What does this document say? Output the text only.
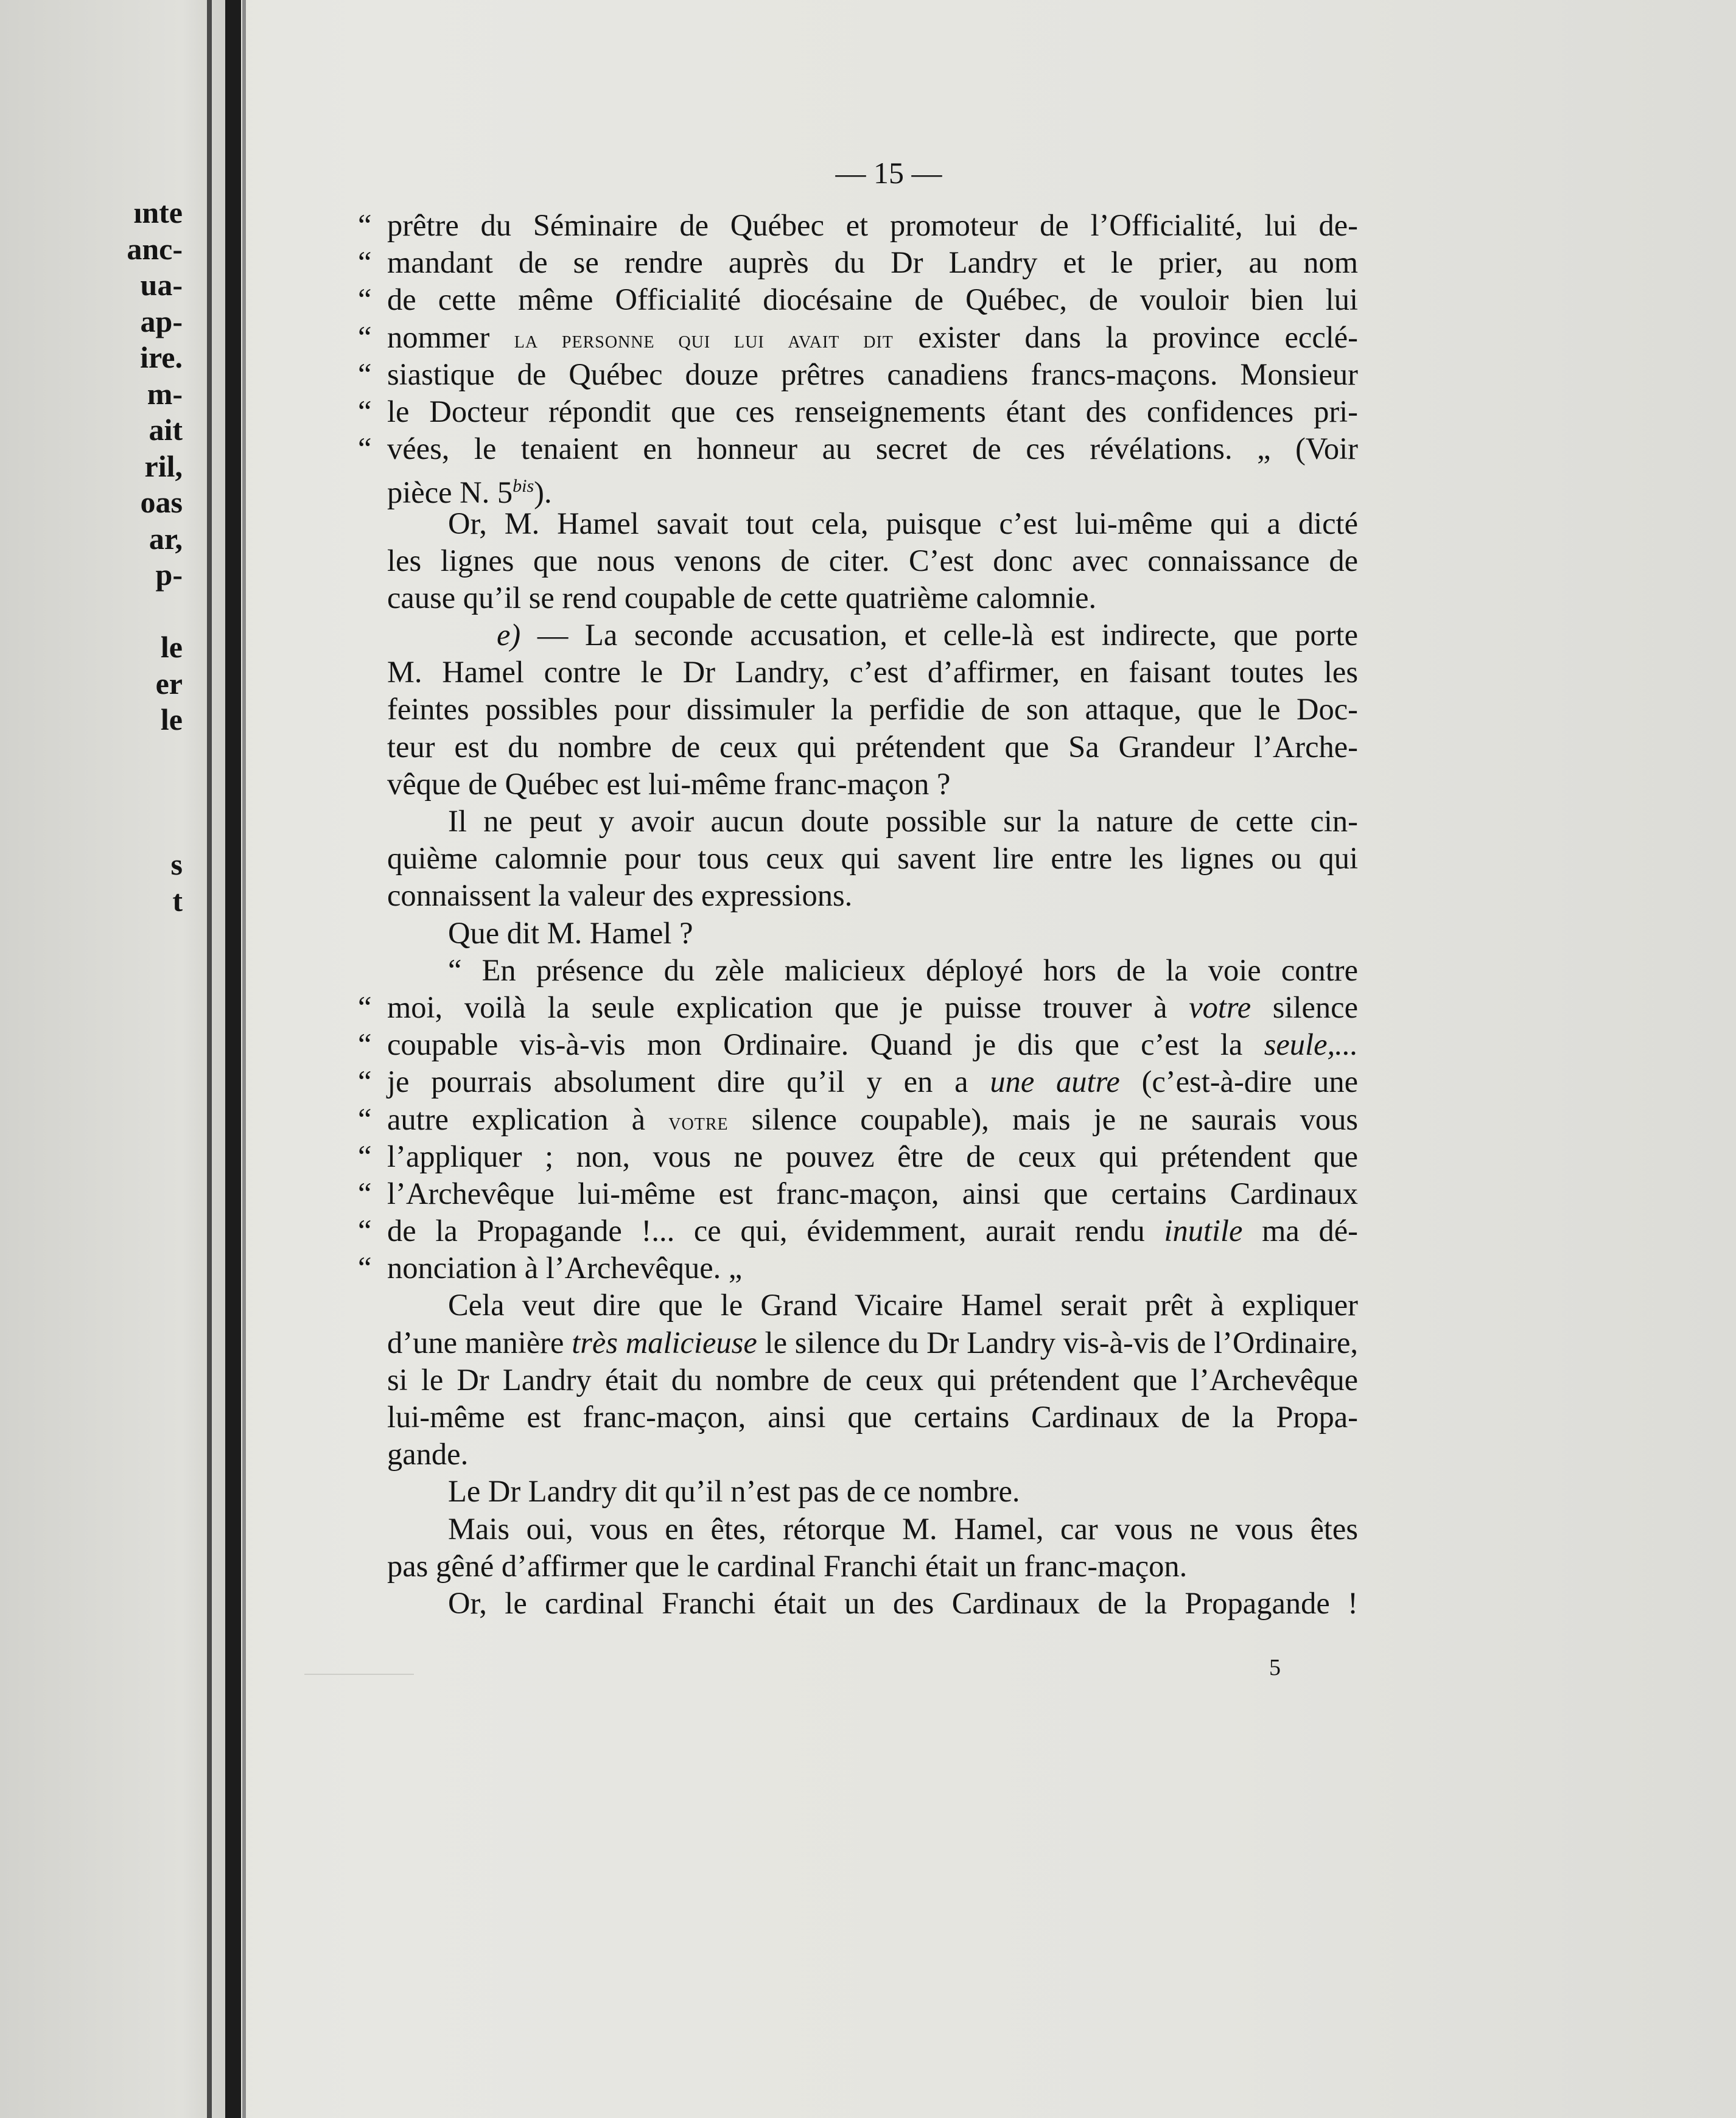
ınte
anc-
ua-
ap-
ire.
m-
ait
ril,
oas
ar,
p-
le
er
le
s
t
— 15 —
“ prêtre du Séminaire de Québec et promoteur de l’Officialité, lui de-
“ mandant de se rendre auprès du Dr Landry et le prier, au nom
“ de cette même Officialité diocésaine de Québec, de vouloir bien lui
“ nommer la personne qui lui avait dit exister dans la province ecclé-
“ siastique de Québec douze prêtres canadiens francs-maçons. Monsieur
“ le Docteur répondit que ces renseignements étant des confidences pri-
“ vées, le tenaient en honneur au secret de ces révélations. „ (Voir
pièce N. $5^{bis}$).
Or, M. Hamel savait tout cela, puisque c’est lui-même qui a dicté
les lignes que nous venons de citer. C’est donc avec connaissance de
cause qu’il se rend coupable de cette quatrième calomnie.
e) — La seconde accusation, et celle-là est indirecte, que porte
M. Hamel contre le Dr Landry, c’est d’affirmer, en faisant toutes les
feintes possibles pour dissimuler la perfidie de son attaque, que le Doc-
teur est du nombre de ceux qui prétendent que Sa Grandeur l’Arche-
vêque de Québec est lui-même franc-maçon ?
Il ne peut y avoir aucun doute possible sur la nature de cette cin-
quième calomnie pour tous ceux qui savent lire entre les lignes ou qui
connaissent la valeur des expressions.
Que dit M. Hamel ?
“ En présence du zèle malicieux déployé hors de la voie contre
“ moi, voilà la seule explication que je puisse trouver à votre silence
“ coupable vis-à-vis mon Ordinaire. Quand je dis que c’est la seule,...
“ je pourrais absolument dire qu’il y en a une autre (c’est-à-dire une
“ autre explication à votre silence coupable), mais je ne saurais vous
“ l’appliquer ; non, vous ne pouvez être de ceux qui prétendent que
“ l’Archevêque lui-même est franc-maçon, ainsi que certains Cardinaux
“ de la Propagande !... ce qui, évidemment, aurait rendu inutile ma dé-
“ nonciation à l’Archevêque. „
Cela veut dire que le Grand Vicaire Hamel serait prêt à expliquer
d’une manière très malicieuse le silence du Dr Landry vis-à-vis de l’Ordinaire,
si le Dr Landry était du nombre de ceux qui prétendent que l’Archevêque
lui-même est franc-maçon, ainsi que certains Cardinaux de la Propa-
gande.
Le Dr Landry dit qu’il n’est pas de ce nombre.
Mais oui, vous en êtes, rétorque M. Hamel, car vous ne vous êtes
pas gêné d’affirmer que le cardinal Franchi était un franc-maçon.
Or, le cardinal Franchi était un des Cardinaux de la Propagande !
5
